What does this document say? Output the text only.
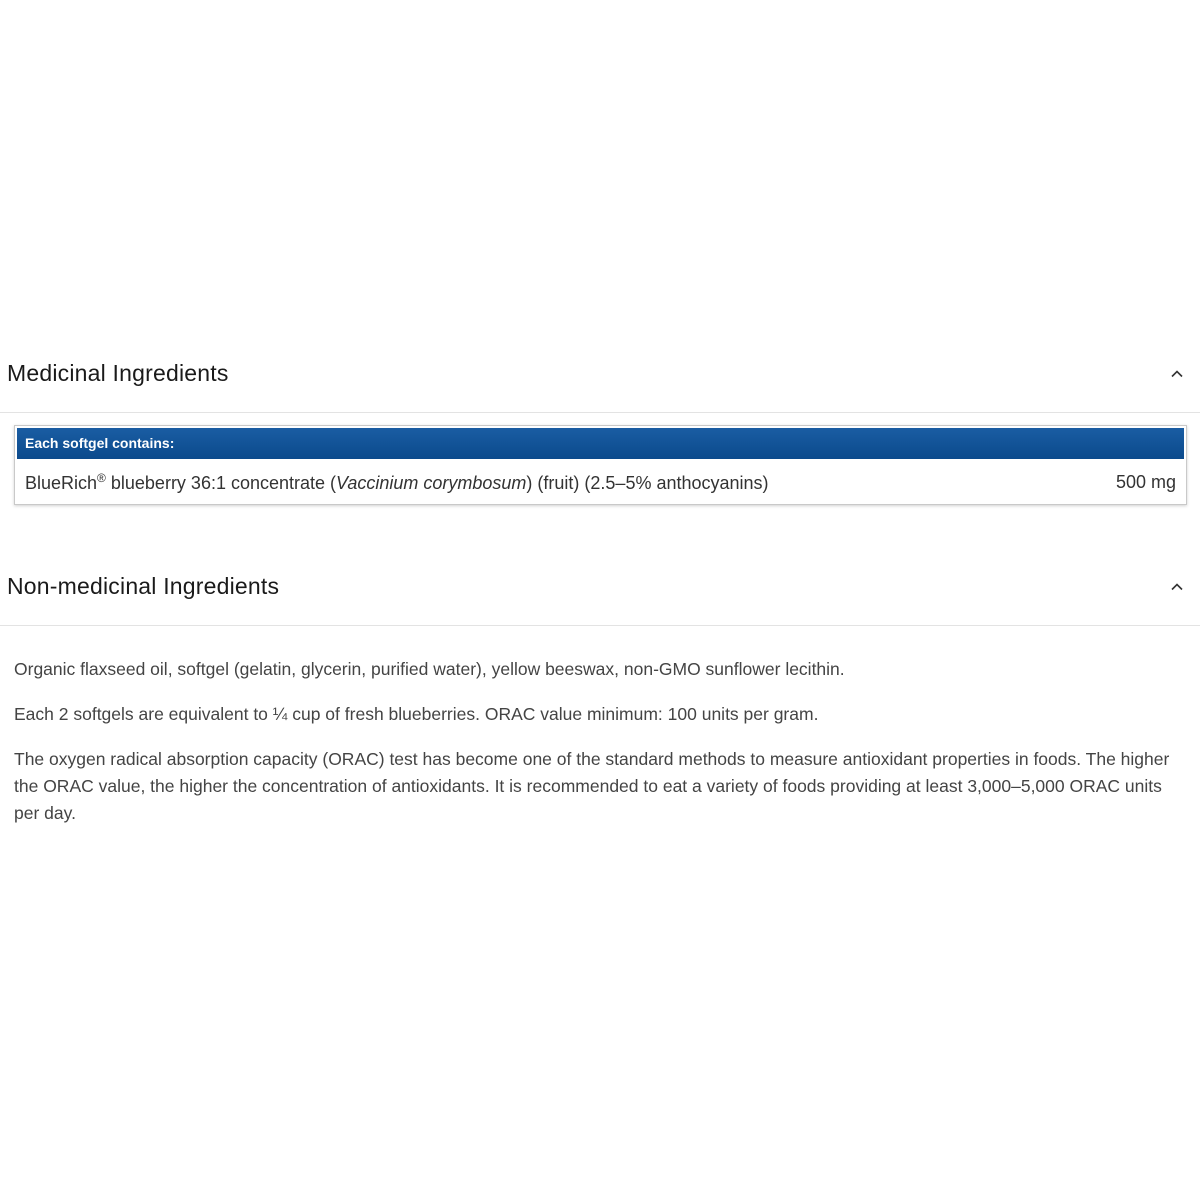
Medicinal Ingredients
Each softgel contains:
BlueRich® blueberry 36:1 concentrate (Vaccinium corymbosum) (fruit) (2.5–5% anthocyanins)	500 mg
Non-medicinal Ingredients

Organic flaxseed oil, softgel (gelatin, glycerin, purified water), yellow beeswax, non-GMO sunflower lecithin.

Each 2 softgels are equivalent to ¼ cup of fresh blueberries. ORAC value minimum: 100 units per gram.

The oxygen radical absorption capacity (ORAC) test has become one of the standard methods to measure antioxidant properties in foods. The higher the ORAC value, the higher the concentration of antioxidants. It is recommended to eat a variety of foods providing at least 3,000–5,000 ORAC units per day.
